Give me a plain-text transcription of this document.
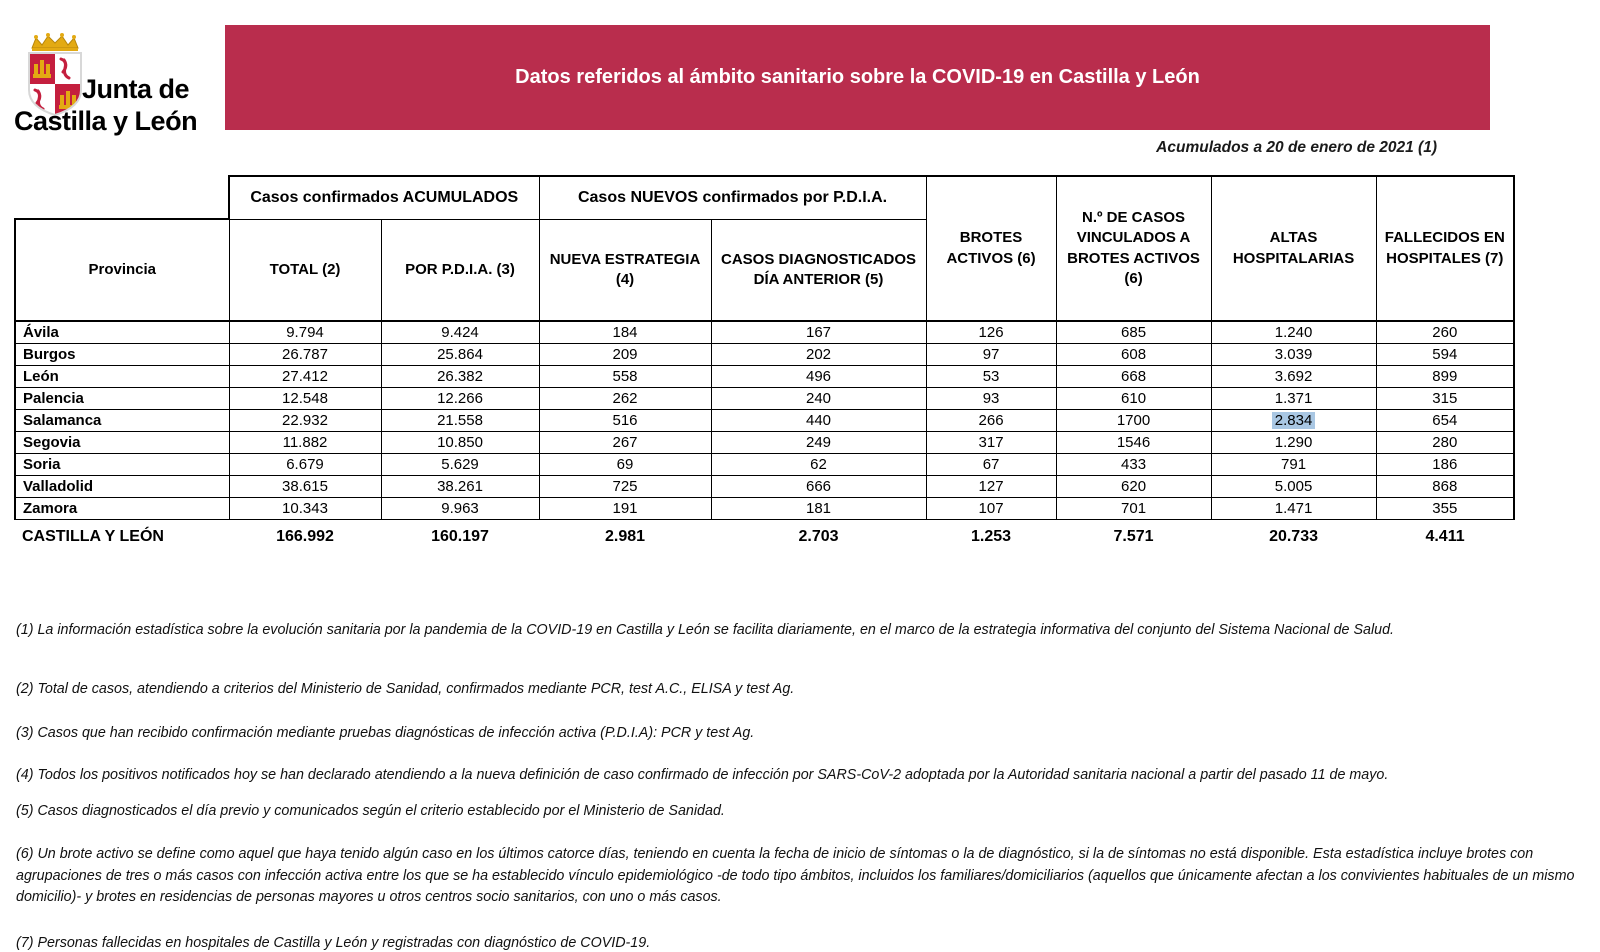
Junta de
Castilla y León
Datos referidos al ámbito sanitario sobre la COVID-19 en Castilla y León
Acumulados a 20 de enero de 2021 (1)
	Casos confirmados ACUMULADOS		Casos NUEVOS confirmados por P.D.I.A.		BROTES ACTIVOS (6)	N.º DE CASOS VINCULADOS A BROTES ACTIVOS (6)	ALTAS HOSPITALARIAS	FALLECIDOS EN HOSPITALES (7)
Provincia	TOTAL (2)	POR P.D.I.A. (3)	NUEVA ESTRATEGIA (4)	CASOS DIAGNOSTICADOS DÍA ANTERIOR (5)				
Ávila	9.794	9.424	184	167	126	685	1.240	260
Burgos	26.787	25.864	209	202	97	608	3.039	594
León	27.412	26.382	558	496	53	668	3.692	899
Palencia	12.548	12.266	262	240	93	610	1.371	315
Salamanca	22.932	21.558	516	440	266	1700	2.834	654
Segovia	11.882	10.850	267	249	317	1546	1.290	280
Soria	6.679	5.629	69	62	67	433	791	186
Valladolid	38.615	38.261	725	666	127	620	5.005	868
Zamora	10.343	9.963	191	181	107	701	1.471	355
CASTILLA Y LEÓN	166.992	160.197	2.981	2.703	1.253	7.571	20.733	4.411

(1) La información estadística sobre la evolución sanitaria por la pandemia de la COVID-19 en Castilla y León se facilita diariamente, en el marco de la estrategia informativa del conjunto del Sistema Nacional de Salud.

(2) Total de casos, atendiendo a criterios del Ministerio de Sanidad, confirmados mediante PCR, test A.C., ELISA y test Ag.

(3) Casos que han recibido confirmación mediante pruebas diagnósticas de infección activa (P.D.I.A): PCR y test Ag.

(4) Todos los positivos notificados hoy se han declarado atendiendo a la nueva definición de caso confirmado de infección por SARS-CoV-2 adoptada por la Autoridad sanitaria nacional a partir del pasado 11 de mayo.

(5) Casos diagnosticados el día previo y comunicados según el criterio establecido por el Ministerio de Sanidad.

(6) Un brote activo se define como aquel que haya tenido algún caso en los últimos catorce días, teniendo en cuenta la fecha de inicio de síntomas o la de diagnóstico, si la de síntomas no está disponible. Esta estadística incluye brotes con agrupaciones de tres o más casos con infección activa entre los que se ha establecido vínculo epidemiológico -de todo tipo ámbitos, incluidos los familiares/domiciliarios (aquellos que únicamente afectan a los convivientes habituales de un mismo domicilio)- y brotes en residencias de personas mayores u otros centros socio sanitarios, con uno o más casos.

(7) Personas fallecidas en hospitales de Castilla y León y registradas con diagnóstico de COVID-19.
